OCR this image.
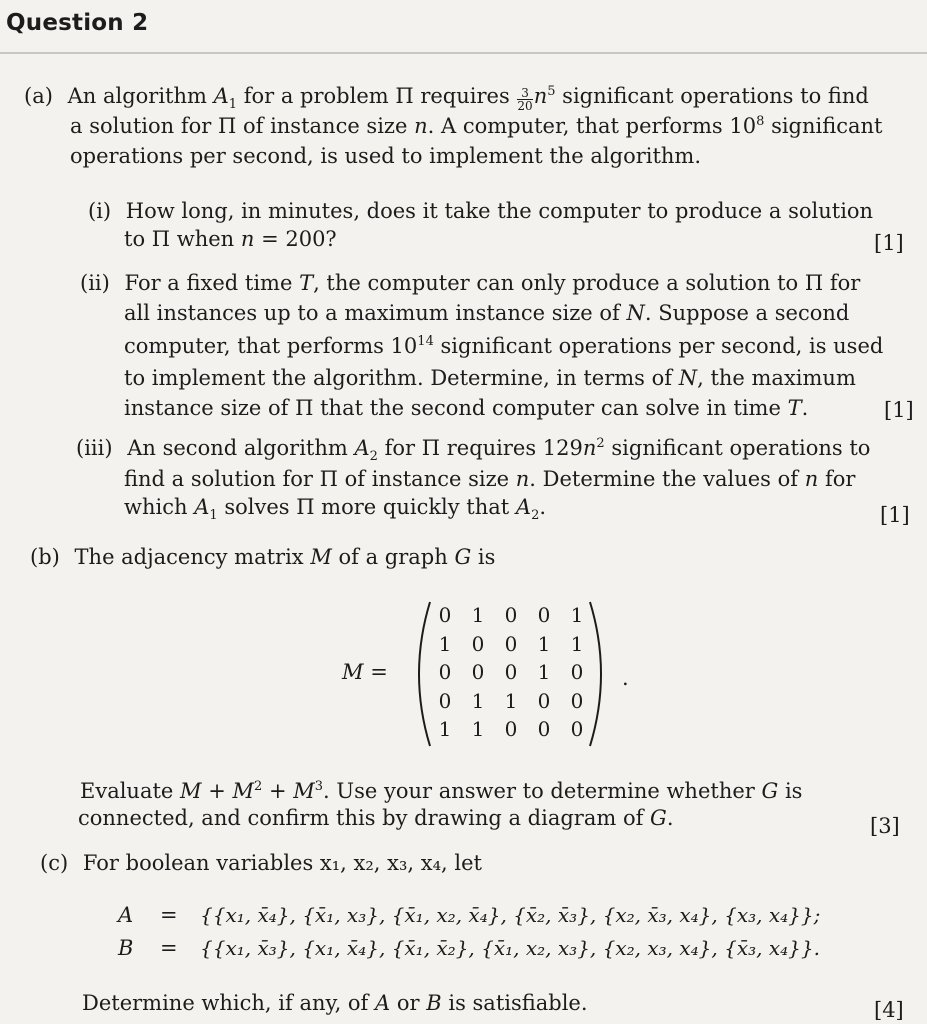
Question 2
(a) An algorithm $A_1$ for a problem Π requires $\frac{3}{20} n^5$ significant operations to find
a solution for Π of instance size n. A computer, that performs $10^8$ significant
operations per second, is used to implement the algorithm.
(i) How long, in minutes, does it take the computer to produce a solution
to Π when n = 200?	[1]
(ii) For a fixed time T, the computer can only produce a solution to Π for
all instances up to a maximum instance size of N. Suppose a second
computer, that performs $10^{14}$ significant operations per second, is used
to implement the algorithm. Determine, in terms of N, the maximum
instance size of Π that the second computer can solve in time T.	[1]
(iii) An second algorithm $A_2$ for Π requires $129n^2$ significant operations to
find a solution for Π of instance size n. Determine the values of n for
which $A_1$ solves Π more quickly that $A_2$.	[1]
(b) The adjacency matrix M of a graph G is
M =
0 1 0 0 1
1 0 0 1 1
0 0 0 1 0
0 1 1 0 0
1 1 0 0 0
.
Evaluate $M + M^2 + M^3$. Use your answer to determine whether G is
connected, and confirm this by drawing a diagram of G.	[3]
(c) For boolean variables x₁, x₂, x₃, x₄, let
A = {{x₁, x̄₄}, {x̄₁, x₃}, {x̄₁, x₂, x̄₄}, {x̄₂, x̄₃}, {x₂, x̄₃, x₄}, {x₃, x₄}};
B = {{x₁, x̄₃}, {x₁, x̄₄}, {x̄₁, x̄₂}, {x̄₁, x₂, x₃}, {x₂, x₃, x₄}, {x̄₃, x₄}}.
Determine which, if any, of A or B is satisfiable.	[4]
